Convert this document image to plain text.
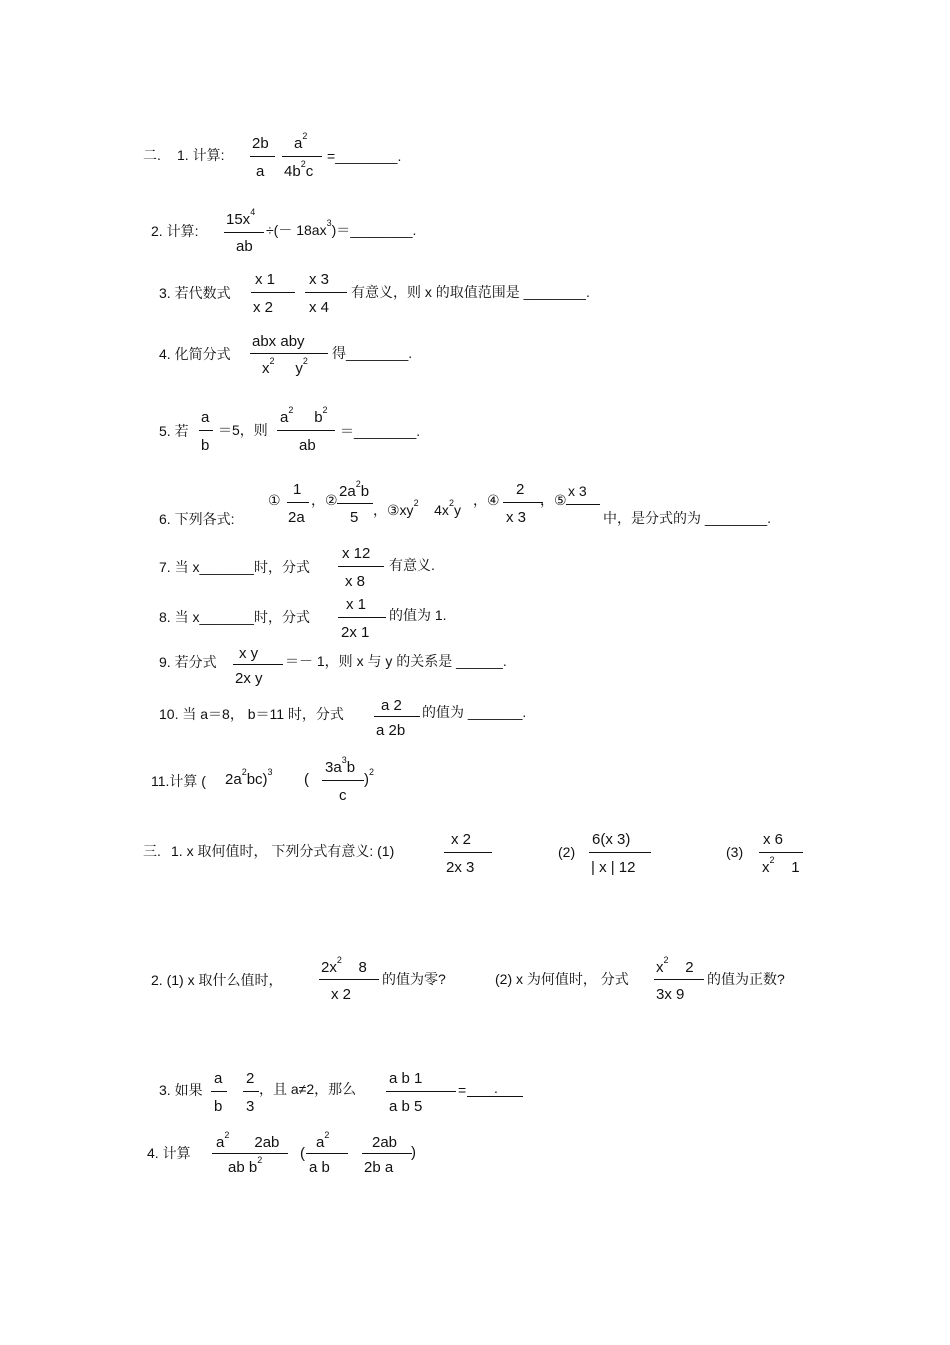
二. 1. 计算:
2b
a
$a^2$
$4b^2c$
=________.
2. 计算:
$15x^4$
ab
÷(－ $18ax^3)=\_\_\_\_\_\_\_\_$.
3. 若代数式
x 1
x 2
x 3
x 4
有意义，则 x 的取值范围是 ________.
4. 化简分式
abx aby
$x^2$ $y^2$ 得________.
5. 若
a
b
＝5，则
$a^2$ $b^2$
ab
＝________.
6. 下列各式:
①
1
2a
，② $2a^2b$
5 ，$③xy^2$ $4x^2y$
，④
2
x 3
，⑤
x 3
中，是分式的为 ________.
7. 当 x_______时，分式
x 12
x 8
有意义.
8. 当 x_______时，分式
x 1
2x 1
的值为 1.
9. 若分式 x y
2x y
＝－ 1，则 x 与 y 的关系是 ______.
10. 当 a＝8， b＝11 时，分式 a 2
a 2b
的值为 _______.
11.计算 ( $2a^2bc)^3$ (
$3a^3b$
c
)$^2$
三. 1. x 取何值时， 下列分式有意义: (1)
x 2
2x 3
(2)
6(x 3)
| x | 12
(3)
x 6
$x^2$ 1
2. (1) x 取什么值时，
$2x^2$ 8
x 2
的值为零?	(2) x 为何值时， 分式
$x^2$ 2
3x 9
的值为正数?
3. 如果
a
b
2
3
，且 a≠2，那么
a b 1
a b 5
= .
4. 计算
$a^2$ 2ab
ab $b^2$	(
$a^2$
a b
2ab
2b a
)
